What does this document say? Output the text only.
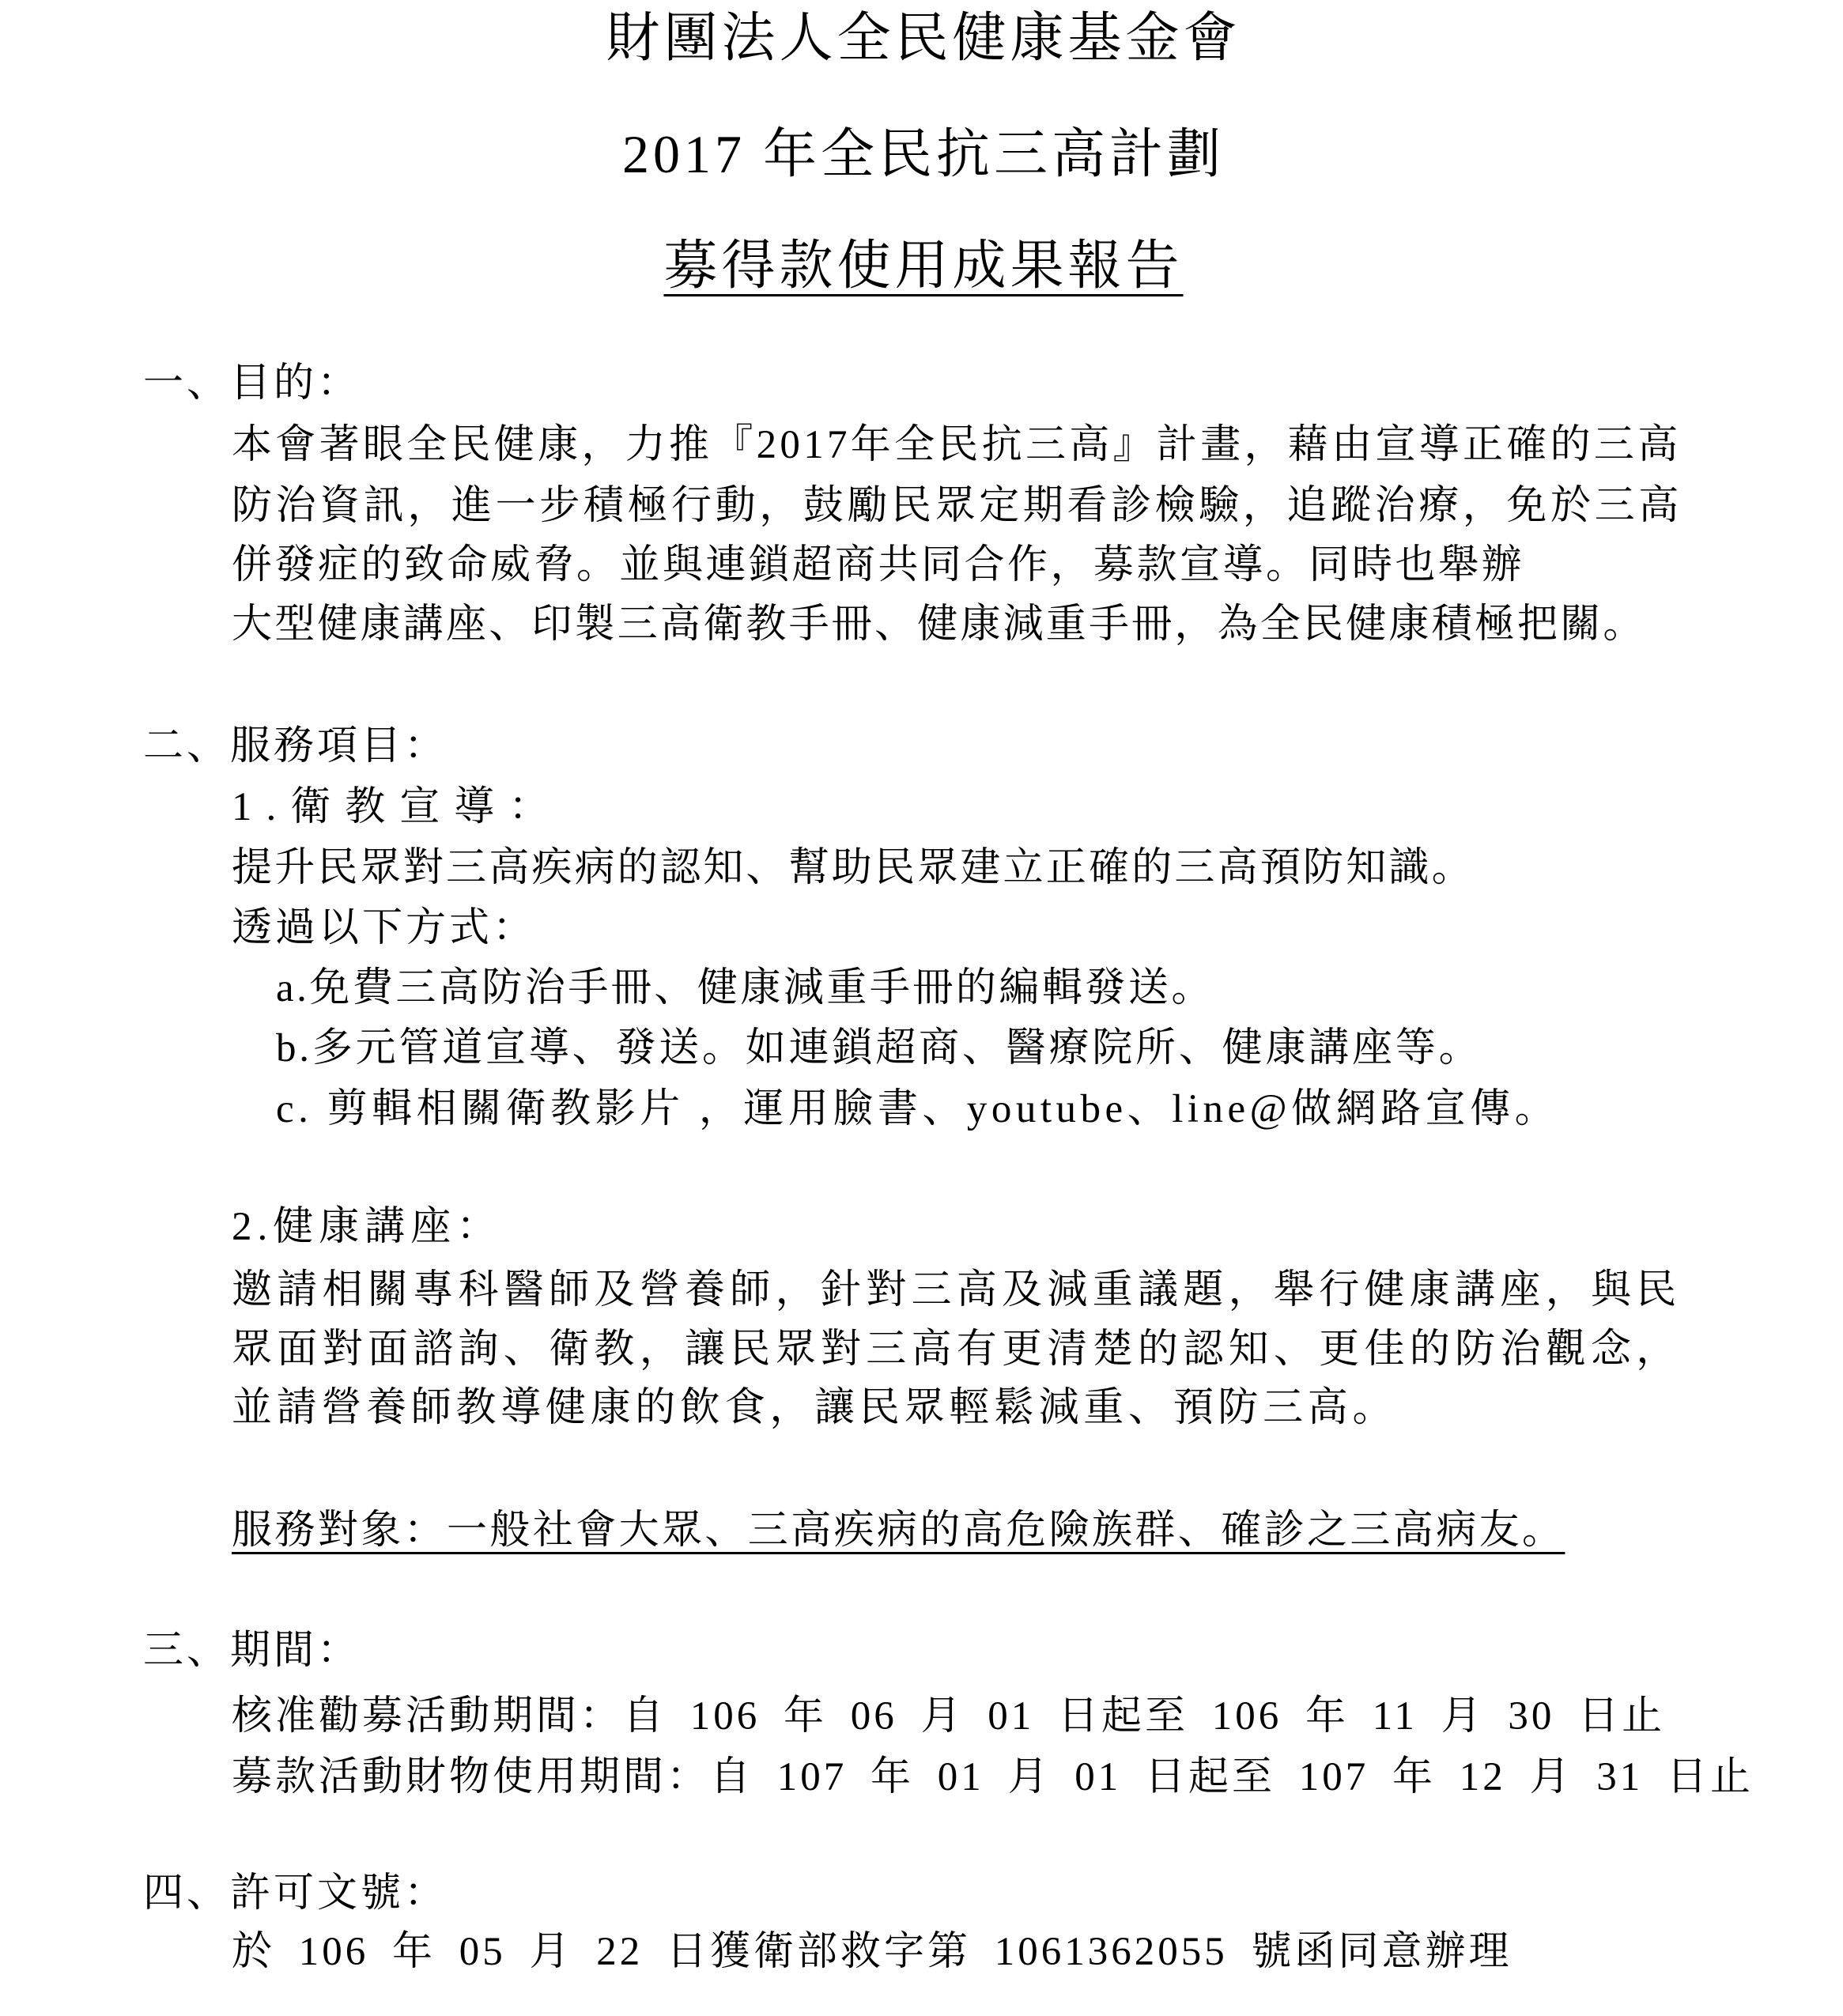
財團法人全民健康基金會
2017 年全民抗三高計劃
募得款使用成果報告
一、目的：
本會著眼全民健康，力推『2017年全民抗三高』計畫，藉由宣導正確的三高
防治資訊，進一步積極行動，鼓勵民眾定期看診檢驗，追蹤治療，免於三高
併發症的致命威脅。並與連鎖超商共同合作，募款宣導。同時也舉辦
大型健康講座、印製三高衛教手冊、健康減重手冊，為全民健康積極把關。
二、服務項目：
1.衛教宣導：
提升民眾對三高疾病的認知、幫助民眾建立正確的三高預防知識。
透過以下方式：
a.免費三高防治手冊、健康減重手冊的編輯發送。
b.多元管道宣導、發送。如連鎖超商、醫療院所、健康講座等。
c. 剪輯相關衛教影片 ，運用臉書、youtube、line@做網路宣傳。
2.健康講座：
邀請相關專科醫師及營養師，針對三高及減重議題，舉行健康講座，與民
眾面對面諮詢、衛教，讓民眾對三高有更清楚的認知、更佳的防治觀念，
並請營養師教導健康的飲食，讓民眾輕鬆減重、預防三高。
服務對象：一般社會大眾、三高疾病的高危險族群、確診之三高病友。
三、期間：
核准勸募活動期間：自 106 年 06 月 01 日起至 106 年 11 月 30 日止
募款活動財物使用期間：自 107 年 01 月 01 日起至 107 年 12 月 31 日止
四、許可文號：
於 106 年 05 月 22 日獲衛部救字第 1061362055 號函同意辦理
